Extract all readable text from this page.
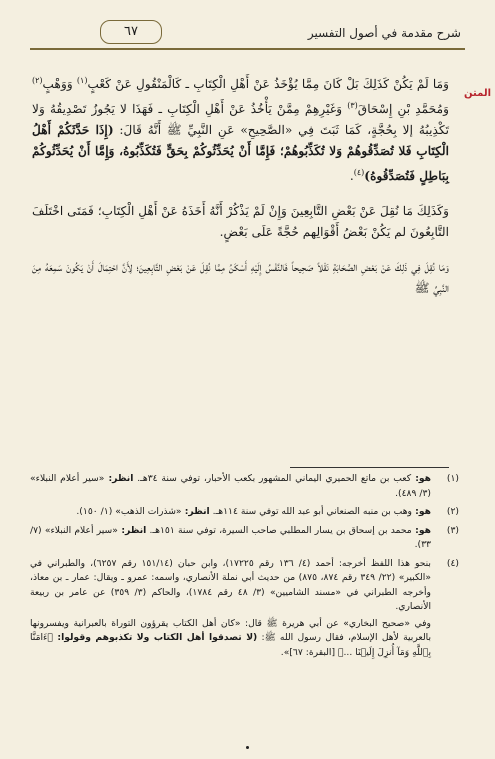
شرح مقدمة في أصول التفسير
٦٧
المتن

وَمَا لَمْ يَكُنْ كَذَلِكَ بَلْ كَانَ مِمَّا يُؤْخَذُ عَنْ أَهْلِ الْكِتَابِ ـ كَالْمَنْقُولِ عَنْ كَعْبٍ$^{(١)}$ وَوَهْبٍ$^{(٢)}$ وَمُحَمَّدِ بْنِ إِسْحَاقَ$^{(٣)}$ وَغَيْرِهِمْ مِمَّنْ يَأْخُذُ عَنْ أَهْلِ الْكِتَابِ ـ فَهَذَا لا يَجُوزُ تَصْدِيقُهُ وَلا تَكْذِيبُهُ إلا بِحُجَّةٍ، كَمَا ثَبَتَ فِي «الصَّحِيحِ» عَنِ النَّبِيِّ ﷺ أَنَّهُ قَالَ: (إِذَا حَدَّثَكُمْ أَهْلُ الْكِتَابِ فَلا تُصَدِّقُوهُمْ وَلا تُكَذِّبُوهُمْ؛ فَإِمَّا أَنْ يُحَدِّثُوكُمْ بِحَقٍّ فَتُكَذِّبُوهُ، وَإِمَّا أَنْ يُحَدِّثُوكُمْ بِبَاطِلٍ فَتُصَدِّقُوهُ)$^{(٤)}$.

وَكَذَلِكَ مَا نُقِلَ عَنْ بَعْضِ التَّابِعِينَ وَإِنْ لَمْ يَذْكُرْ أَنَّهُ أَخَذَهُ عَنْ أَهْلِ الْكِتَابِ؛ فَمَتَى اخْتَلَفَ التَّابِعُونَ لم يَكُنْ بَعْضُ أَقْوَالِهم حُجَّةً عَلَى بَعْضٍ.

وَمَا نُقِلَ فِي ذَلِكَ عَنْ بَعْضِ الصَّحَابَةِ نَقْلاً صَحِيحاً فَالنَّفْسُ إِلَيْهِ أَسْكَنُ مِمَّا نُقِلَ عَنْ بَعْضِ التَّابِعِينَ؛ لِأَنَّ احْتِمَالَ أَنْ يَكُونَ سَمِعَهُ مِنَ النَّبِيِّ ﷺ

(١)
هو: كعب بن ماتع الحميري اليماني المشهور بكعب الأحبار، توفي سنة ٣٤هـ. انظر: «سير أعلام النبلاء» (٣/ ٤٨٩).
(٢)
هو: وهب بن منبه الصنعاني أبو عبد الله توفي سنة ١١٤هـ. انظر: «شذرات الذهب» (١/ ١٥٠).
(٣)
هو: محمد بن إسحاق بن يسار المطلبي صاحب السيرة، توفي سنة ١٥١هـ. انظر: «سير أعلام النبلاء» (٧/ ٣٣).
(٤)
بنحو هذا اللفظ أخرجه: أحمد (٤/ ١٣٦ رقم ١٧٢٢٥)، وابن حبان (١٥١/١٤ رقم ٦٢٥٧)، والطبراني في «الكبير» (٢٢/ ٣٤٩ رقم ٨٧٤، ٨٧٥) من حديث أبي نملة الأنصاري، واسمه: عمرو ـ ويقال: عمار ـ بن معاذ، وأخرجه الطبراني في «مسند الشاميين» (٣/ ٤٨ رقم ١٧٨٤)، والحاكم (٣/ ٣٥٩) عن عامر بن ربيعة الأنصاري.
وفي «صحيح البخاري» عن أبي هريرة ﷺ قال: «كان أهل الكتاب يقرؤون التوراة بالعبرانية ويفسرونها بالعربية لأهل الإسلام، فقال رسول الله ﷺ: (لا تصدقوا أهل الكتاب ولا تكذبوهم وقولوا: ﴿ءَامَنَّا بِٱللَّهِ وَمَآ أُنزِلَ إِلَيۡنَا ...﴾ [البقرة: ٦٧]».
